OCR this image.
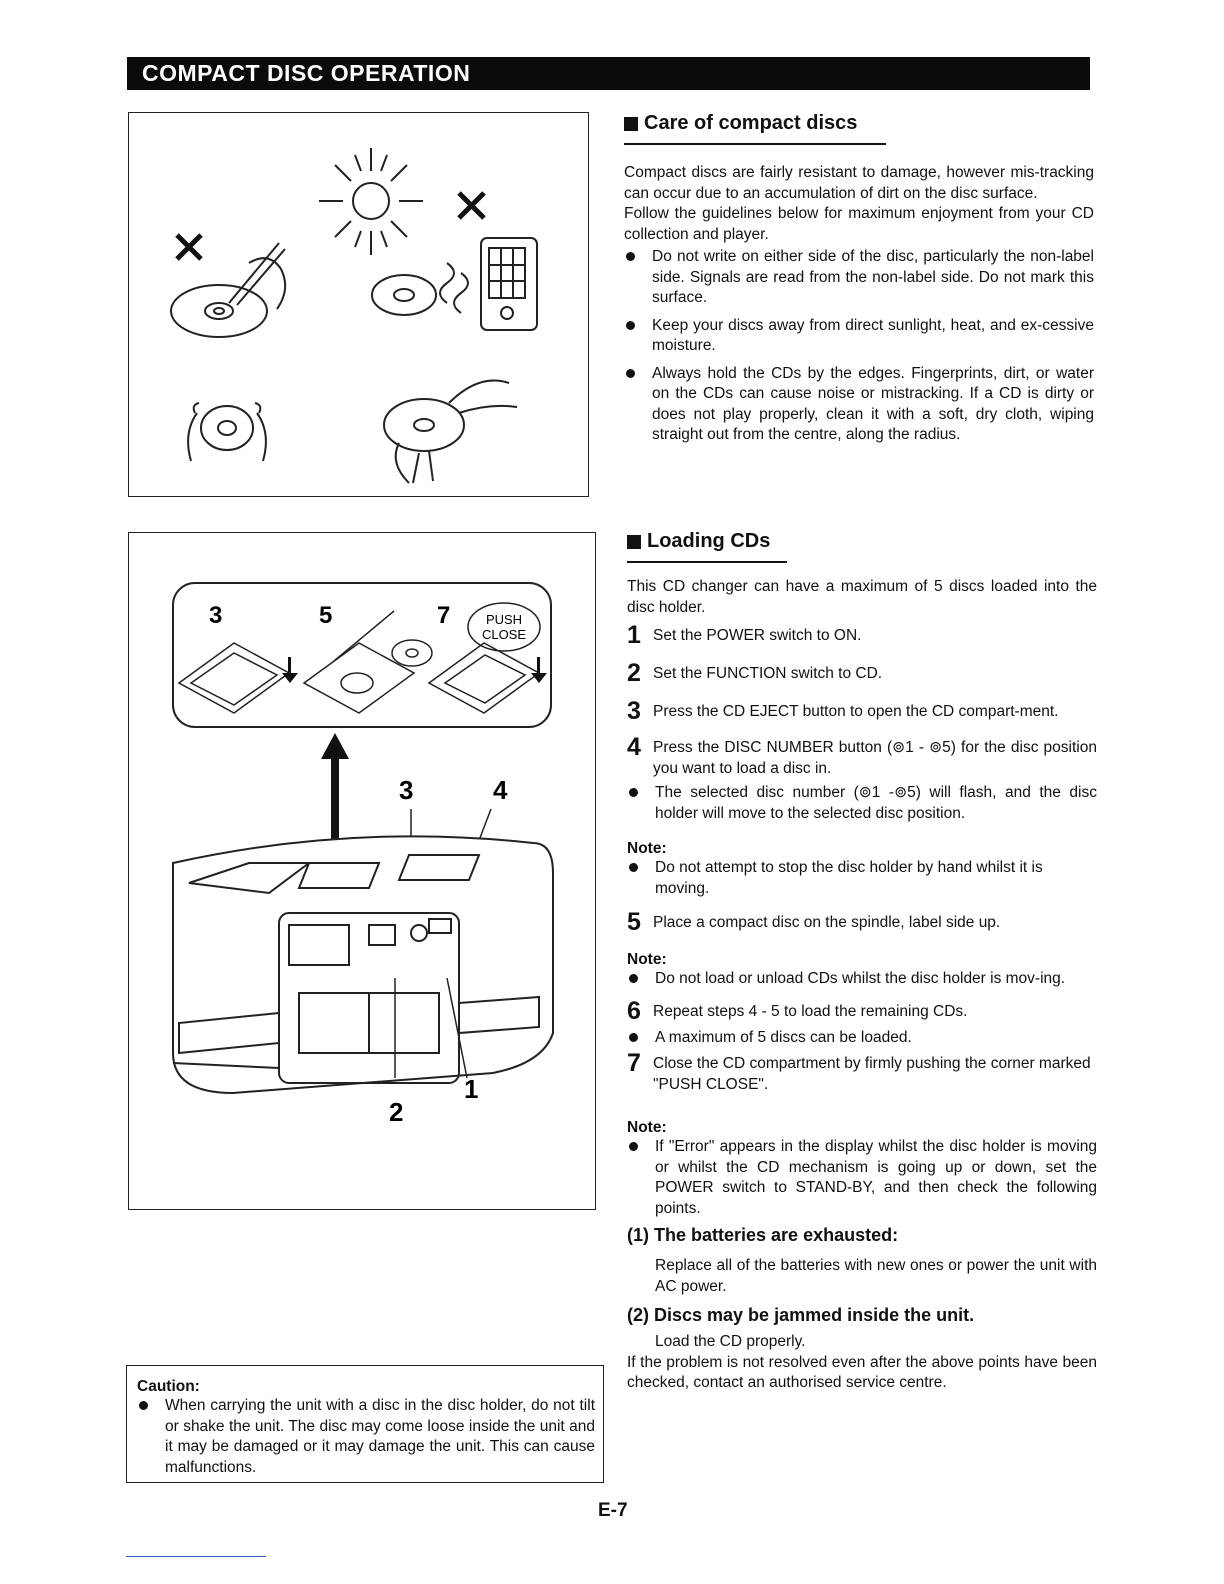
COMPACT DISC OPERATION
3	5	7	PUSH
CLOSE
3	4
1
2
Caution:
When carrying the unit with a disc in the disc holder, do not tilt or shake the unit. The disc may come loose inside the unit and it may be damaged or it may damage the unit. This can cause malfunctions.
Care of compact discs
Compact discs are fairly resistant to damage, however mis-tracking can occur due to an accumulation of dirt on the disc surface.
Follow the guidelines below for maximum enjoyment from your CD collection and player.
Do not write on either side of the disc, particularly the non-label side. Signals are read from the non-label side. Do not mark this surface.
Keep your discs away from direct sunlight, heat, and ex-cessive moisture.
Always hold the CDs by the edges. Fingerprints, dirt, or water on the CDs can cause noise or mistracking. If a CD is dirty or does not play properly, clean it with a soft, dry cloth, wiping straight out from the centre, along the radius.
Loading CDs
This CD changer can have a maximum of 5 discs loaded into the disc holder.
1 Set the POWER switch to ON.
2 Set the FUNCTION switch to CD.
3 Press the CD EJECT button to open the CD compart-ment.
4 Press the DISC NUMBER button (⊚1 - ⊚5) for the disc position you want to load a disc in.
The selected disc number (⊚1 -⊚5) will flash, and the disc holder will move to the selected disc position.
Note:
Do not attempt to stop the disc holder by hand whilst it is moving.
5 Place a compact disc on the spindle, label side up.
Note:
Do not load or unload CDs whilst the disc holder is mov-ing.
6 Repeat steps 4 - 5 to load the remaining CDs.
A maximum of 5 discs can be loaded.
7 Close the CD compartment by firmly pushing the corner marked "PUSH CLOSE".
Note:
If "Error" appears in the display whilst the disc holder is moving or whilst the CD mechanism is going up or down, set the POWER switch to STAND-BY, and then check the following points.
(1) The batteries are exhausted:
Replace all of the batteries with new ones or power the unit with AC power.
(2) Discs may be jammed inside the unit.
Load the CD properly.
If the problem is not resolved even after the above points have been checked, contact an authorised service centre.
E-7
